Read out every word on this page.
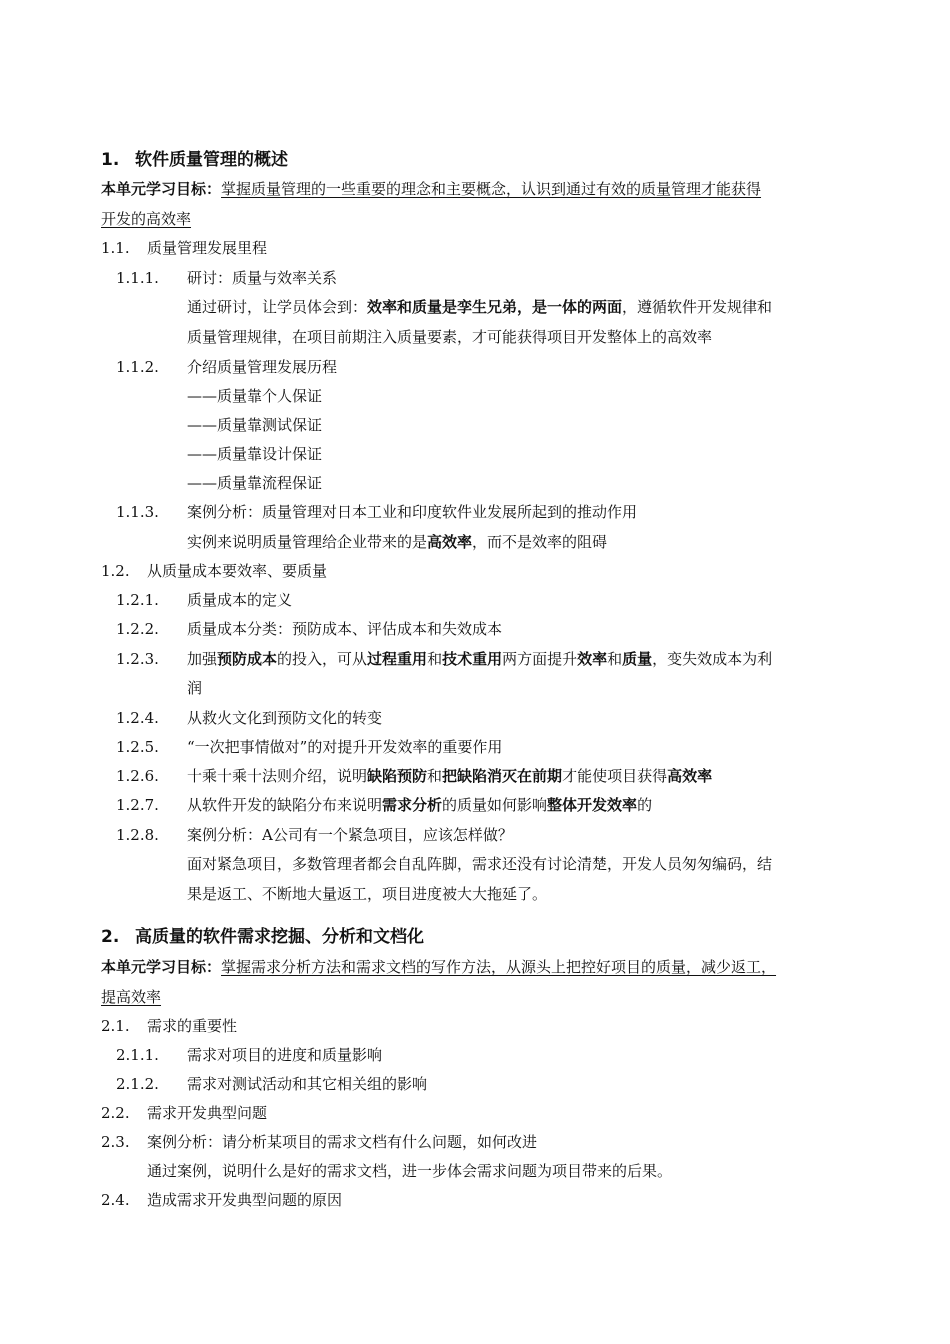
1. 软件质量管理的概述
本单元学习目标：掌握质量管理的一些重要的理念和主要概念，认识到通过有效的质量管理才能获得
开发的高效率
1.1. 质量管理发展里程
1.1.1. 研讨：质量与效率关系
通过研讨，让学员体会到：效率和质量是孪生兄弟，是一体的两面，遵循软件开发规律和
质量管理规律，在项目前期注入质量要素，才可能获得项目开发整体上的高效率
1.1.2. 介绍质量管理发展历程
——质量靠个人保证
——质量靠测试保证
——质量靠设计保证
——质量靠流程保证
1.1.3. 案例分析：质量管理对日本工业和印度软件业发展所起到的推动作用
实例来说明质量管理给企业带来的是高效率，而不是效率的阻碍
1.2. 从质量成本要效率、要质量
1.2.1. 质量成本的定义
1.2.2. 质量成本分类：预防成本、评估成本和失效成本
1.2.3. 加强预防成本的投入，可从过程重用和技术重用两方面提升效率和质量，变失效成本为利
润
1.2.4. 从救火文化到预防文化的转变
1.2.5. “一次把事情做对”的对提升开发效率的重要作用
1.2.6. 十乘十乘十法则介绍，说明缺陷预防和把缺陷消灭在前期才能使项目获得高效率
1.2.7. 从软件开发的缺陷分布来说明需求分析的质量如何影响整体开发效率的
1.2.8. 案例分析：A公司有一个紧急项目，应该怎样做？
面对紧急项目，多数管理者都会自乱阵脚，需求还没有讨论清楚，开发人员匆匆编码，结
果是返工、不断地大量返工，项目进度被大大拖延了。
2. 高质量的软件需求挖掘、分析和文档化
本单元学习目标：掌握需求分析方法和需求文档的写作方法，从源头上把控好项目的质量，减少返工，
提高效率
2.1. 需求的重要性
2.1.1. 需求对项目的进度和质量影响
2.1.2. 需求对测试活动和其它相关组的影响
2.2. 需求开发典型问题
2.3. 案例分析：请分析某项目的需求文档有什么问题，如何改进
通过案例，说明什么是好的需求文档，进一步体会需求问题为项目带来的后果。
2.4. 造成需求开发典型问题的原因
